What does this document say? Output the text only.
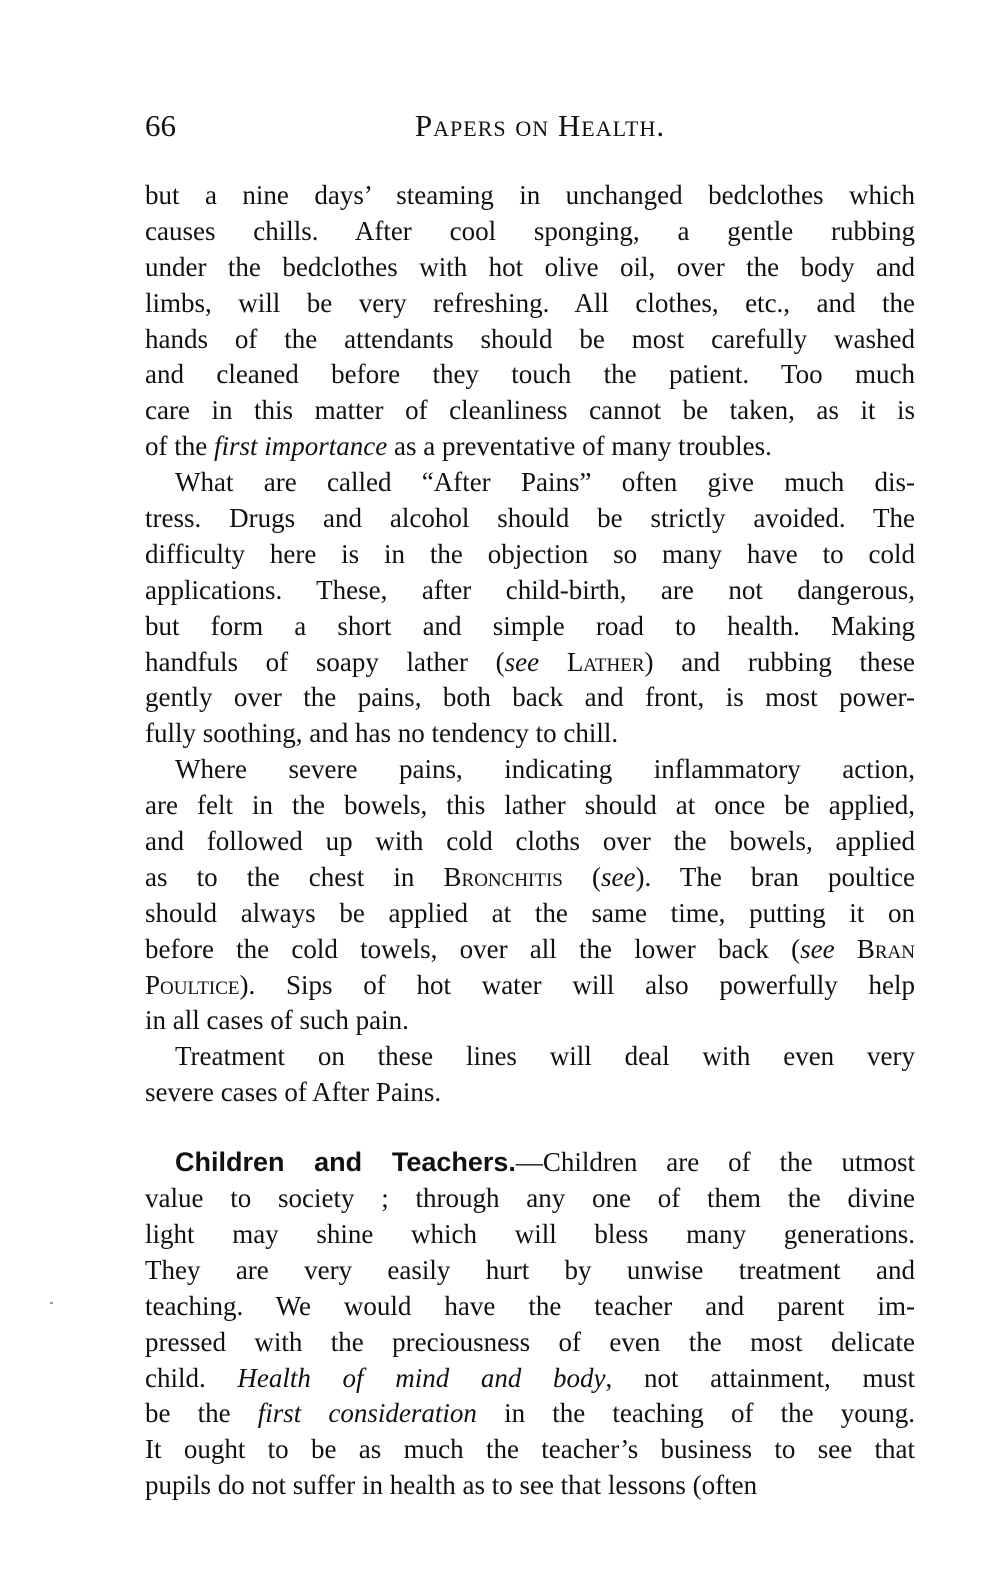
66	Papers on Health.
but a nine days’ steaming in unchanged bedclothes which
causes chills. After cool sponging, a gentle rubbing
under the bedclothes with hot olive oil, over the body and
limbs, will be very refreshing. All clothes, etc., and the
hands of the attendants should be most carefully washed
and cleaned before they touch the patient. Too much
care in this matter of cleanliness cannot be taken, as it is
of the first importance as a preventative of many troubles.
What are called “After Pains” often give much dis-
tress. Drugs and alcohol should be strictly avoided. The
difficulty here is in the objection so many have to cold
applications. These, after child-birth, are not dangerous,
but form a short and simple road to health. Making
handfuls of soapy lather (see Lather) and rubbing these
gently over the pains, both back and front, is most power-
fully soothing, and has no tendency to chill.
Where severe pains, indicating inflammatory action,
are felt in the bowels, this lather should at once be applied,
and followed up with cold cloths over the bowels, applied
as to the chest in Bronchitis (see). The bran poultice
should always be applied at the same time, putting it on
before the cold towels, over all the lower back (see Bran
Poultice). Sips of hot water will also powerfully help
in all cases of such pain.
Treatment on these lines will deal with even very
severe cases of After Pains.
Children and Teachers.—Children are of the utmost
value to society ; through any one of them the divine
light may shine which will bless many generations.
They are very easily hurt by unwise treatment and
teaching. We would have the teacher and parent im-
pressed with the preciousness of even the most delicate
child. Health of mind and body, not attainment, must
be the first consideration in the teaching of the young.
It ought to be as much the teacher’s business to see that
pupils do not suffer in health as to see that lessons (often
